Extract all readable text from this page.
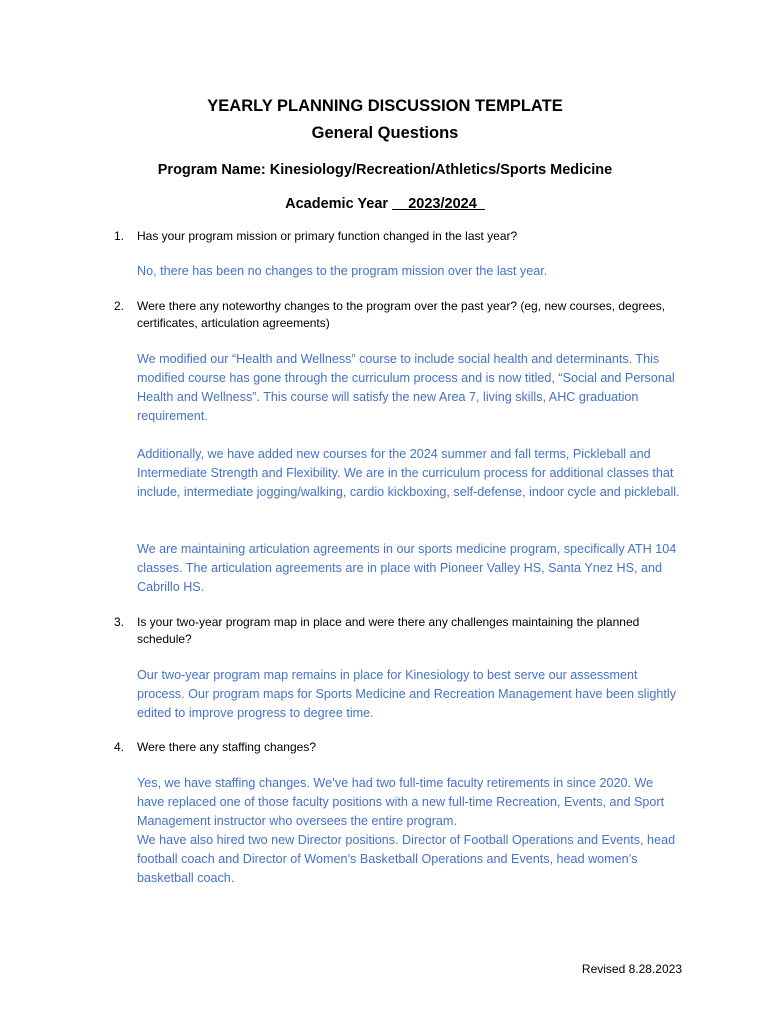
YEARLY PLANNING DISCUSSION TEMPLATE
General Questions
Program Name: Kinesiology/Recreation/Athletics/Sports Medicine
Academic Year __2023/2024_
1. Has your program mission or primary function changed in the last year?

No, there has been no changes to the program mission over the last year.

2. Were there any noteworthy changes to the program over the past year? (eg, new courses, degrees, certificates, articulation agreements)

We modified our “Health and Wellness” course to include social health and determinants. This modified course has gone through the curriculum process and is now titled, “Social and Personal Health and Wellness”. This course will satisfy the new Area 7, living skills, AHC graduation requirement.

Additionally, we have added new courses for the 2024 summer and fall terms, Pickleball and Intermediate Strength and Flexibility. We are in the curriculum process for additional classes that include, intermediate jogging/walking, cardio kickboxing, self-defense, indoor cycle and pickleball.

We are maintaining articulation agreements in our sports medicine program, specifically ATH 104 classes. The articulation agreements are in place with Pioneer Valley HS, Santa Ynez HS, and Cabrillo HS.

3. Is your two-year program map in place and were there any challenges maintaining the planned schedule?

Our two-year program map remains in place for Kinesiology to best serve our assessment process. Our program maps for Sports Medicine and Recreation Management have been slightly edited to improve progress to degree time.

4. Were there any staffing changes?

Yes, we have staffing changes. We’ve had two full-time faculty retirements in since 2020. We have replaced one of those faculty positions with a new full-time Recreation, Events, and Sport Management instructor who oversees the entire program.

We have also hired two new Director positions. Director of Football Operations and Events, head football coach and Director of Women’s Basketball Operations and Events, head women’s basketball coach.

Revised 8.28.2023
